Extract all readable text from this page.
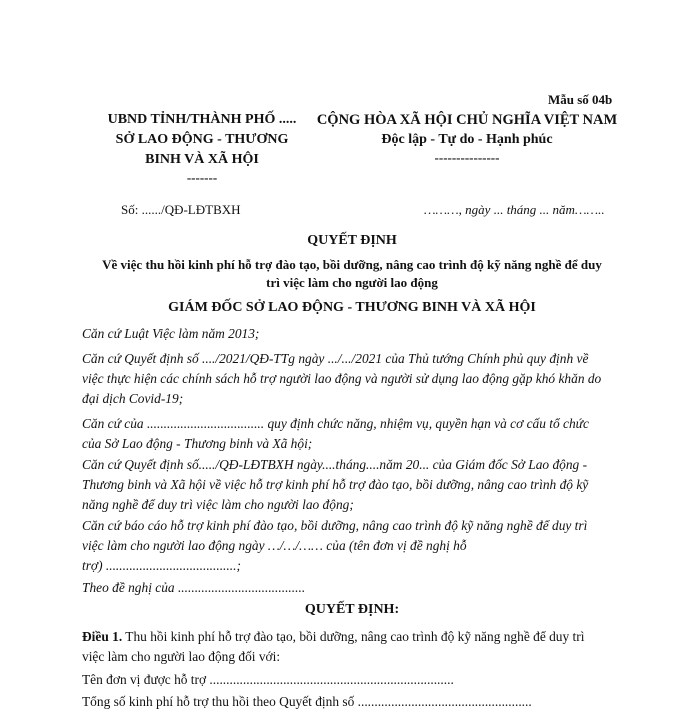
Mẫu số 04b
UBND TỈNH/THÀNH PHỐ .....
SỞ LAO ĐỘNG - THƯƠNG
BINH VÀ XÃ HỘI
-------
CỘNG HÒA XÃ HỘI CHỦ NGHĨA VIỆT NAM
Độc lập - Tự do - Hạnh phúc
---------------
Số: ....../QĐ-LĐTBXH	………, ngày ... tháng ... năm……..
QUYẾT ĐỊNH
Về việc thu hồi kinh phí hỗ trợ đào tạo, bồi dưỡng, nâng cao trình độ kỹ năng nghề để duy
trì việc làm cho người lao động
GIÁM ĐỐC SỞ LAO ĐỘNG - THƯƠNG BINH VÀ XÃ HỘI
Căn cứ Luật Việc làm năm 2013;
Căn cứ Quyết định số ..../2021/QĐ-TTg ngày .../.../2021 của Thủ tướng Chính phủ quy định về
việc thực hiện các chính sách hỗ trợ người lao động và người sử dụng lao động gặp khó khăn do
đại dịch Covid-19;
Căn cứ của ................................... quy định chức năng, nhiệm vụ, quyền hạn và cơ cấu tổ chức
của Sở Lao động - Thương binh và Xã hội;
Căn cứ Quyết định số...../QĐ-LĐTBXH ngày....tháng....năm 20... của Giám đốc Sở Lao động -
Thương binh và Xã hội về việc hỗ trợ kinh phí hỗ trợ đào tạo, bồi dưỡng, nâng cao trình độ kỹ
năng nghề để duy trì việc làm cho người lao động;
Căn cứ báo cáo hỗ trợ kinh phí đào tạo, bồi dưỡng, nâng cao trình độ kỹ năng nghề để duy trì
việc làm cho người lao động ngày …/…/…… của (tên đơn vị đề nghị hỗ
trợ) .......................................;
Theo đề nghị của ......................................
QUYẾT ĐỊNH:
Điều 1. Thu hồi kinh phí hỗ trợ đào tạo, bồi dưỡng, nâng cao trình độ kỹ năng nghề để duy trì
việc làm cho người lao động đối với:
Tên đơn vị được hỗ trợ .........................................................................
Tổng số kinh phí hỗ trợ thu hồi theo Quyết định số ....................................................
